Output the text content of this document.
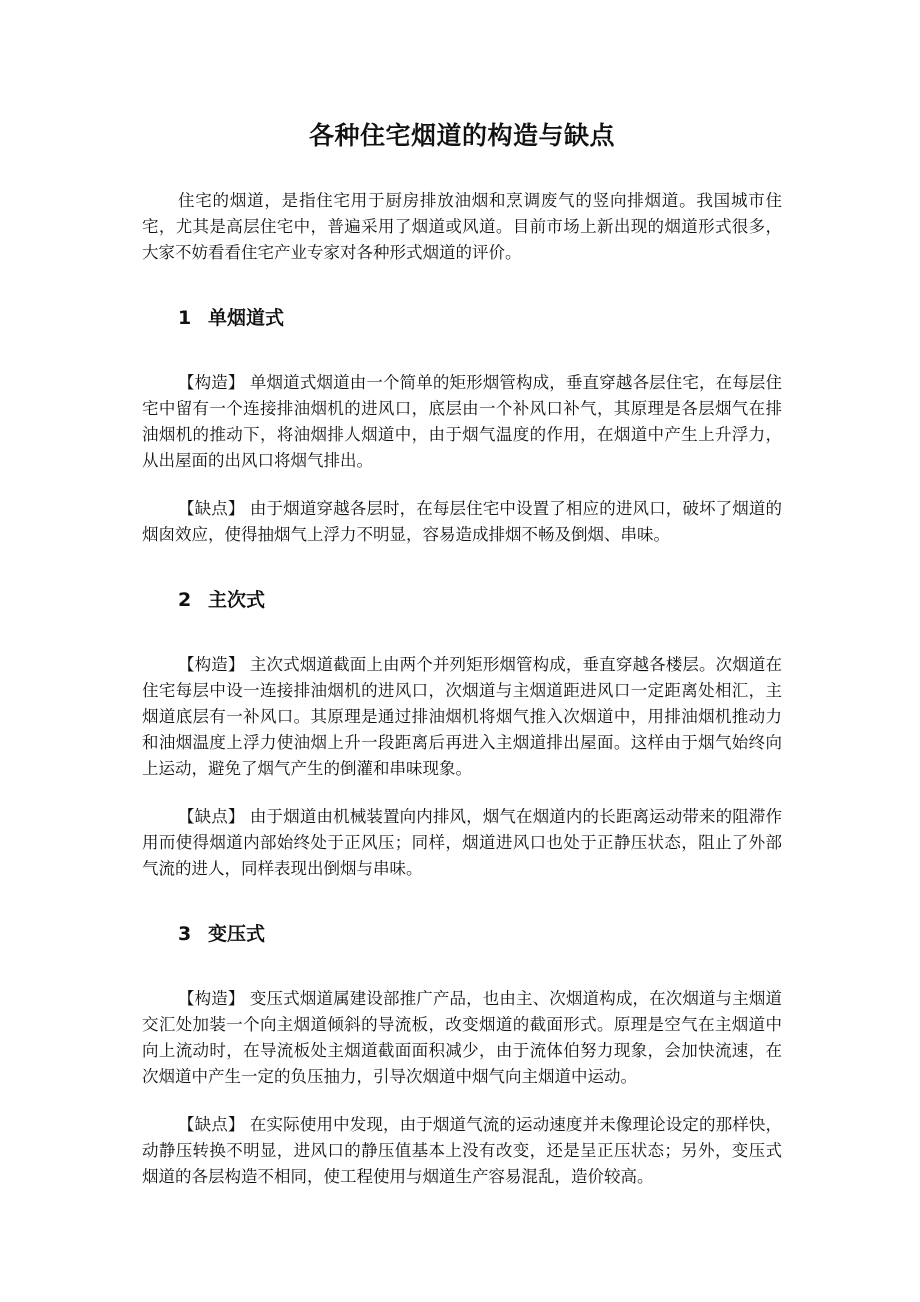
各种住宅烟道的构造与缺点

住宅的烟道，是指住宅用于厨房排放油烟和烹调废气的竖向排烟道。我国城市住宅，尤其是高层住宅中，普遍采用了烟道或风道。目前市场上新出现的烟道形式很多，大家不妨看看住宅产业专家对各种形式烟道的评价。

1 单烟道式

【构造】 单烟道式烟道由一个简单的矩形烟管构成，垂直穿越各层住宅，在每层住宅中留有一个连接排油烟机的进风口，底层由一个补风口补气，其原理是各层烟气在排油烟机的推动下，将油烟排人烟道中，由于烟气温度的作用，在烟道中产生上升浮力，从出屋面的出风口将烟气排出。

【缺点】 由于烟道穿越各层时，在每层住宅中设置了相应的进风口，破坏了烟道的烟囱效应，使得抽烟气上浮力不明显，容易造成排烟不畅及倒烟、串味。

2 主次式

【构造】 主次式烟道截面上由两个并列矩形烟管构成，垂直穿越各楼层。次烟道在住宅每层中设一连接排油烟机的进风口，次烟道与主烟道距进风口一定距离处相汇，主烟道底层有一补风口。其原理是通过排油烟机将烟气推入次烟道中，用排油烟机推动力和油烟温度上浮力使油烟上升一段距离后再进入主烟道排出屋面。这样由于烟气始终向上运动，避免了烟气产生的倒灌和串味现象。

【缺点】 由于烟道由机械装置向内排风，烟气在烟道内的长距离运动带来的阻滞作用而使得烟道内部始终处于正风压；同样，烟道进风口也处于正静压状态，阻止了外部气流的进人，同样表现出倒烟与串味。

3 变压式

【构造】 变压式烟道属建设部推广产品，也由主、次烟道构成，在次烟道与主烟道交汇处加装一个向主烟道倾斜的导流板，改变烟道的截面形式。原理是空气在主烟道中向上流动时，在导流板处主烟道截面面积减少，由于流体伯努力现象，会加快流速，在次烟道中产生一定的负压抽力，引导次烟道中烟气向主烟道中运动。

【缺点】 在实际使用中发现，由于烟道气流的运动速度并未像理论设定的那样快，动静压转换不明显，进风口的静压值基本上没有改变，还是呈正压状态；另外，变压式烟道的各层构造不相同，使工程使用与烟道生产容易混乱，造价较高。
